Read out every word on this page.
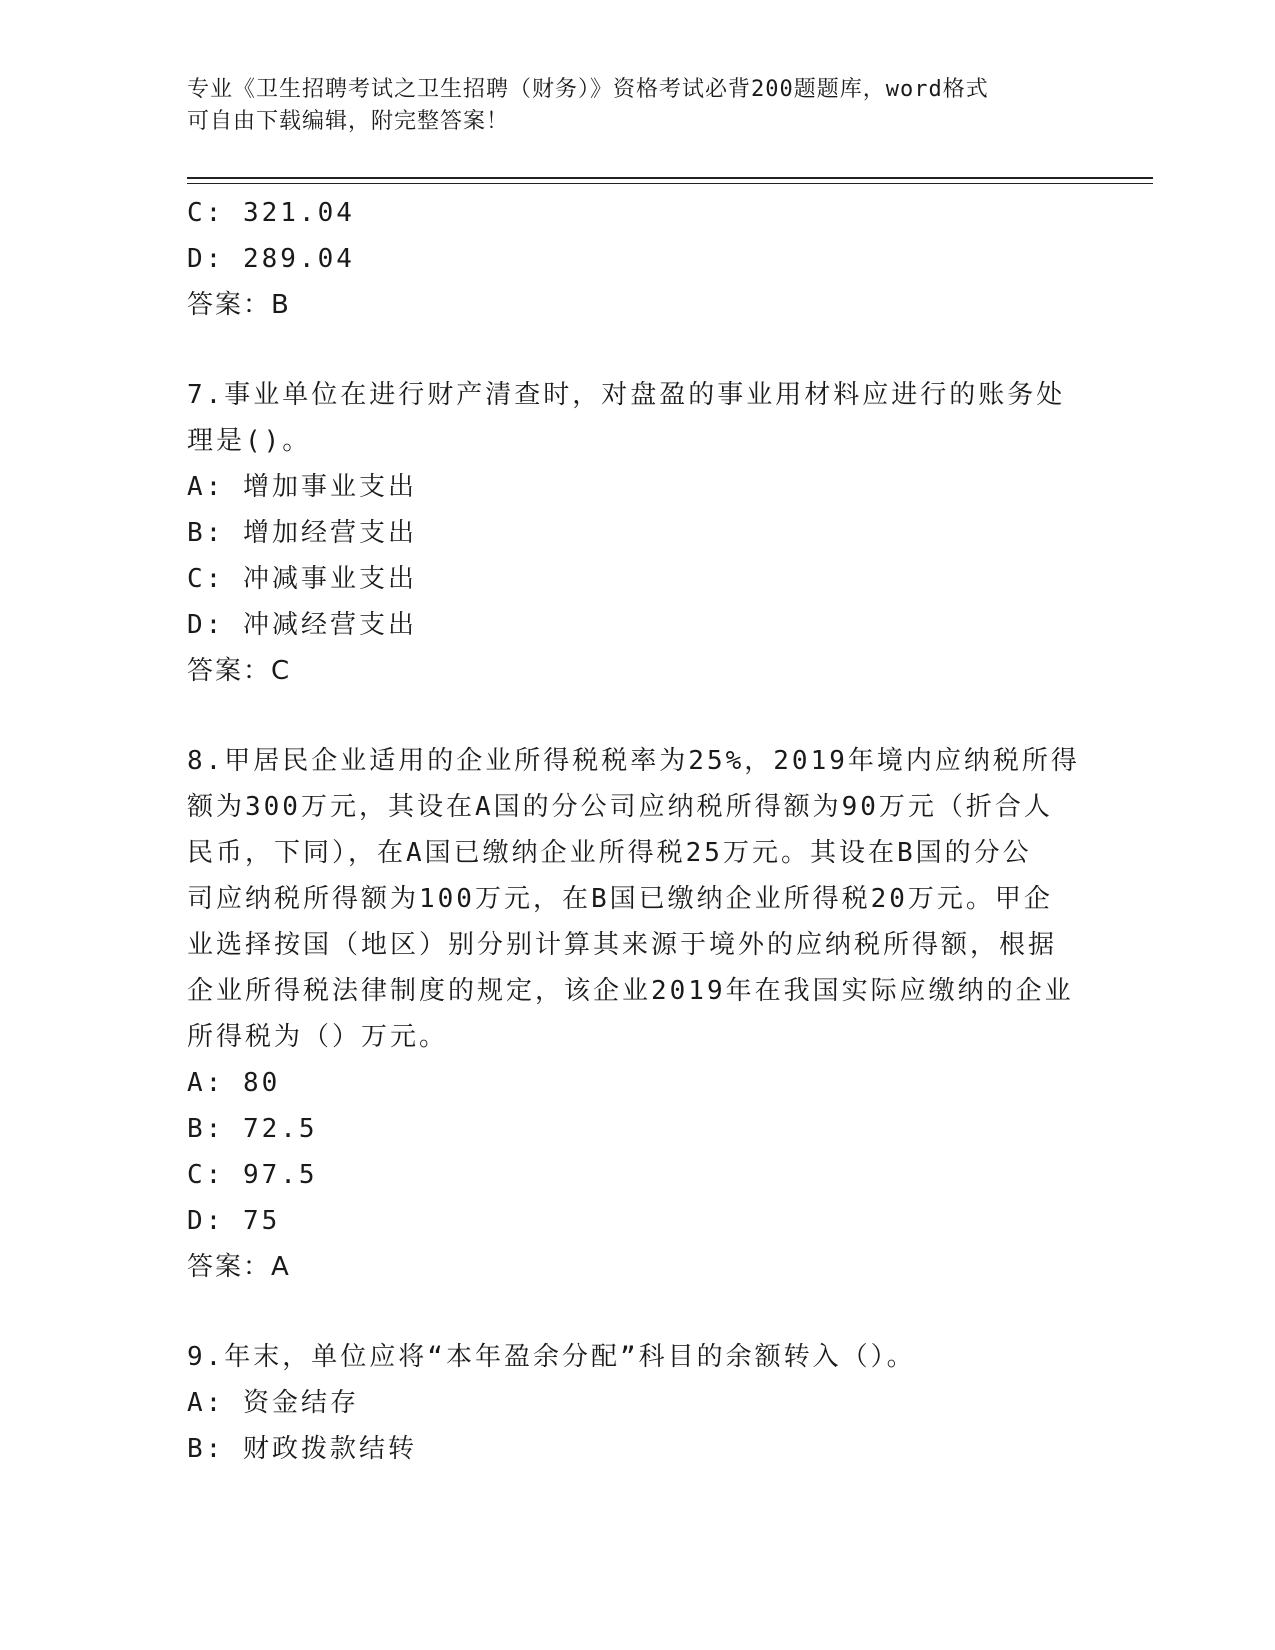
专业《卫生招聘考试之卫生招聘（财务）》资格考试必背200题题库，word格式
可自由下载编辑，附完整答案！
C: 321.04
D: 289.04
答案：B
7.事业单位在进行财产清查时，对盘盈的事业用材料应进行的账务处
理是()。
A: 增加事业支出
B: 增加经营支出
C: 冲减事业支出
D: 冲减经营支出
答案：C
8.甲居民企业适用的企业所得税税率为25%，2019年境内应纳税所得
额为300万元，其设在A国的分公司应纳税所得额为90万元（折合人
民币，下同），在A国已缴纳企业所得税25万元。其设在B国的分公
司应纳税所得额为100万元，在B国已缴纳企业所得税20万元。甲企
业选择按国（地区）别分别计算其来源于境外的应纳税所得额，根据
企业所得税法律制度的规定，该企业2019年在我国实际应缴纳的企业
所得税为（）万元。
A: 80
B: 72.5
C: 97.5
D: 75
答案：A
9.年末，单位应将“本年盈余分配”科目的余额转入（）。
A: 资金结存
B: 财政拨款结转
